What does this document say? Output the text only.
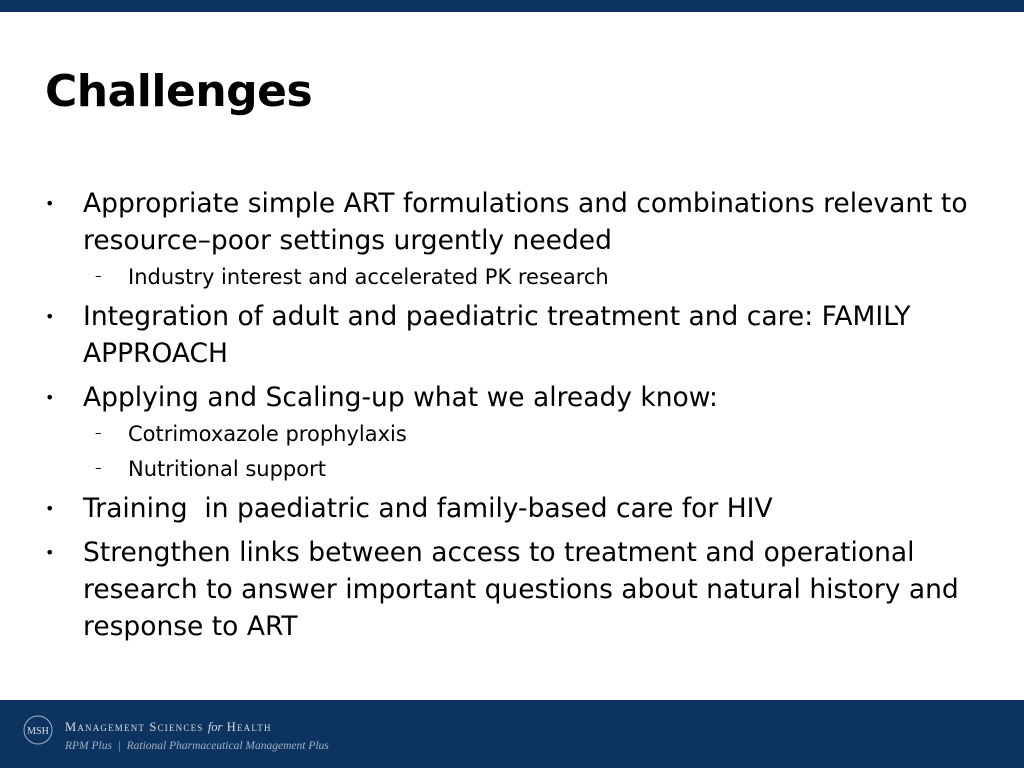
Challenges
• Appropriate simple ART formulations and combinations relevant to resource–poor settings urgently needed
– Industry interest and accelerated PK research
• Integration of adult and paediatric treatment and care: FAMILY APPROACH
• Applying and Scaling-up what we already know:
– Cotrimoxazole prophylaxis
– Nutritional support
• Training  in paediatric and family-based care for HIV
• Strengthen links between access to treatment and operational research to answer important questions about natural history and response to ART
MSH Management Sciences for Health
RPM Plus  |  Rational Pharmaceutical Management Plus
